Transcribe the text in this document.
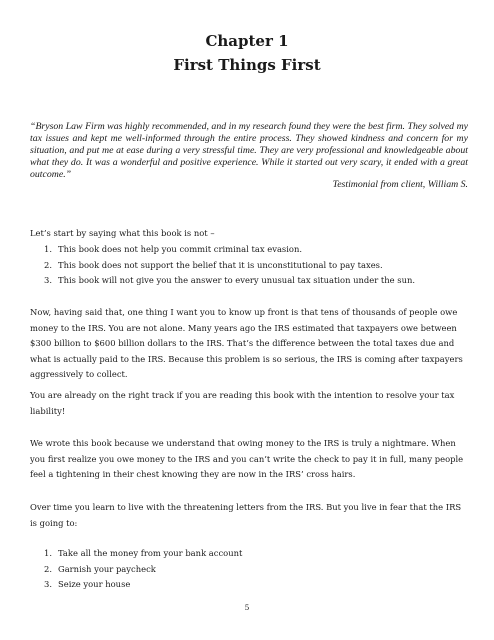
Chapter 1
First Things First

“Bryson Law Firm was highly recommended, and in my research found they were the best firm. They solved my tax issues and kept me well-informed through the entire process. They showed kindness and concern for my situation, and put me at ease during a very stressful time. They are very professional and knowledgeable about what they do. It was a wonderful and positive experience. While it started out very scary, it ended with a great outcome.”

Testimonial from client, William S.

Let’s start by saying what this book is not –

1. This book does not help you commit criminal tax evasion.
2. This book does not support the belief that it is unconstitutional to pay taxes.
3. This book will not give you the answer to every unusual tax situation under the sun.

Now, having said that, one thing I want you to know up front is that tens of thousands of people owe money to the IRS. You are not alone. Many years ago the IRS estimated that taxpayers owe between $300 billion to $600 billion dollars to the IRS. That’s the difference between the total taxes due and what is actually paid to the IRS. Because this problem is so serious, the IRS is coming after taxpayers aggressively to collect.

You are already on the right track if you are reading this book with the intention to resolve your tax liability!

We wrote this book because we understand that owing money to the IRS is truly a nightmare. When you first realize you owe money to the IRS and you can’t write the check to pay it in full, many people feel a tightening in their chest knowing they are now in the IRS’ cross hairs.

Over time you learn to live with the threatening letters from the IRS. But you live in fear that the IRS is going to:

1. Take all the money from your bank account
2. Garnish your paycheck
3. Seize your house
5
